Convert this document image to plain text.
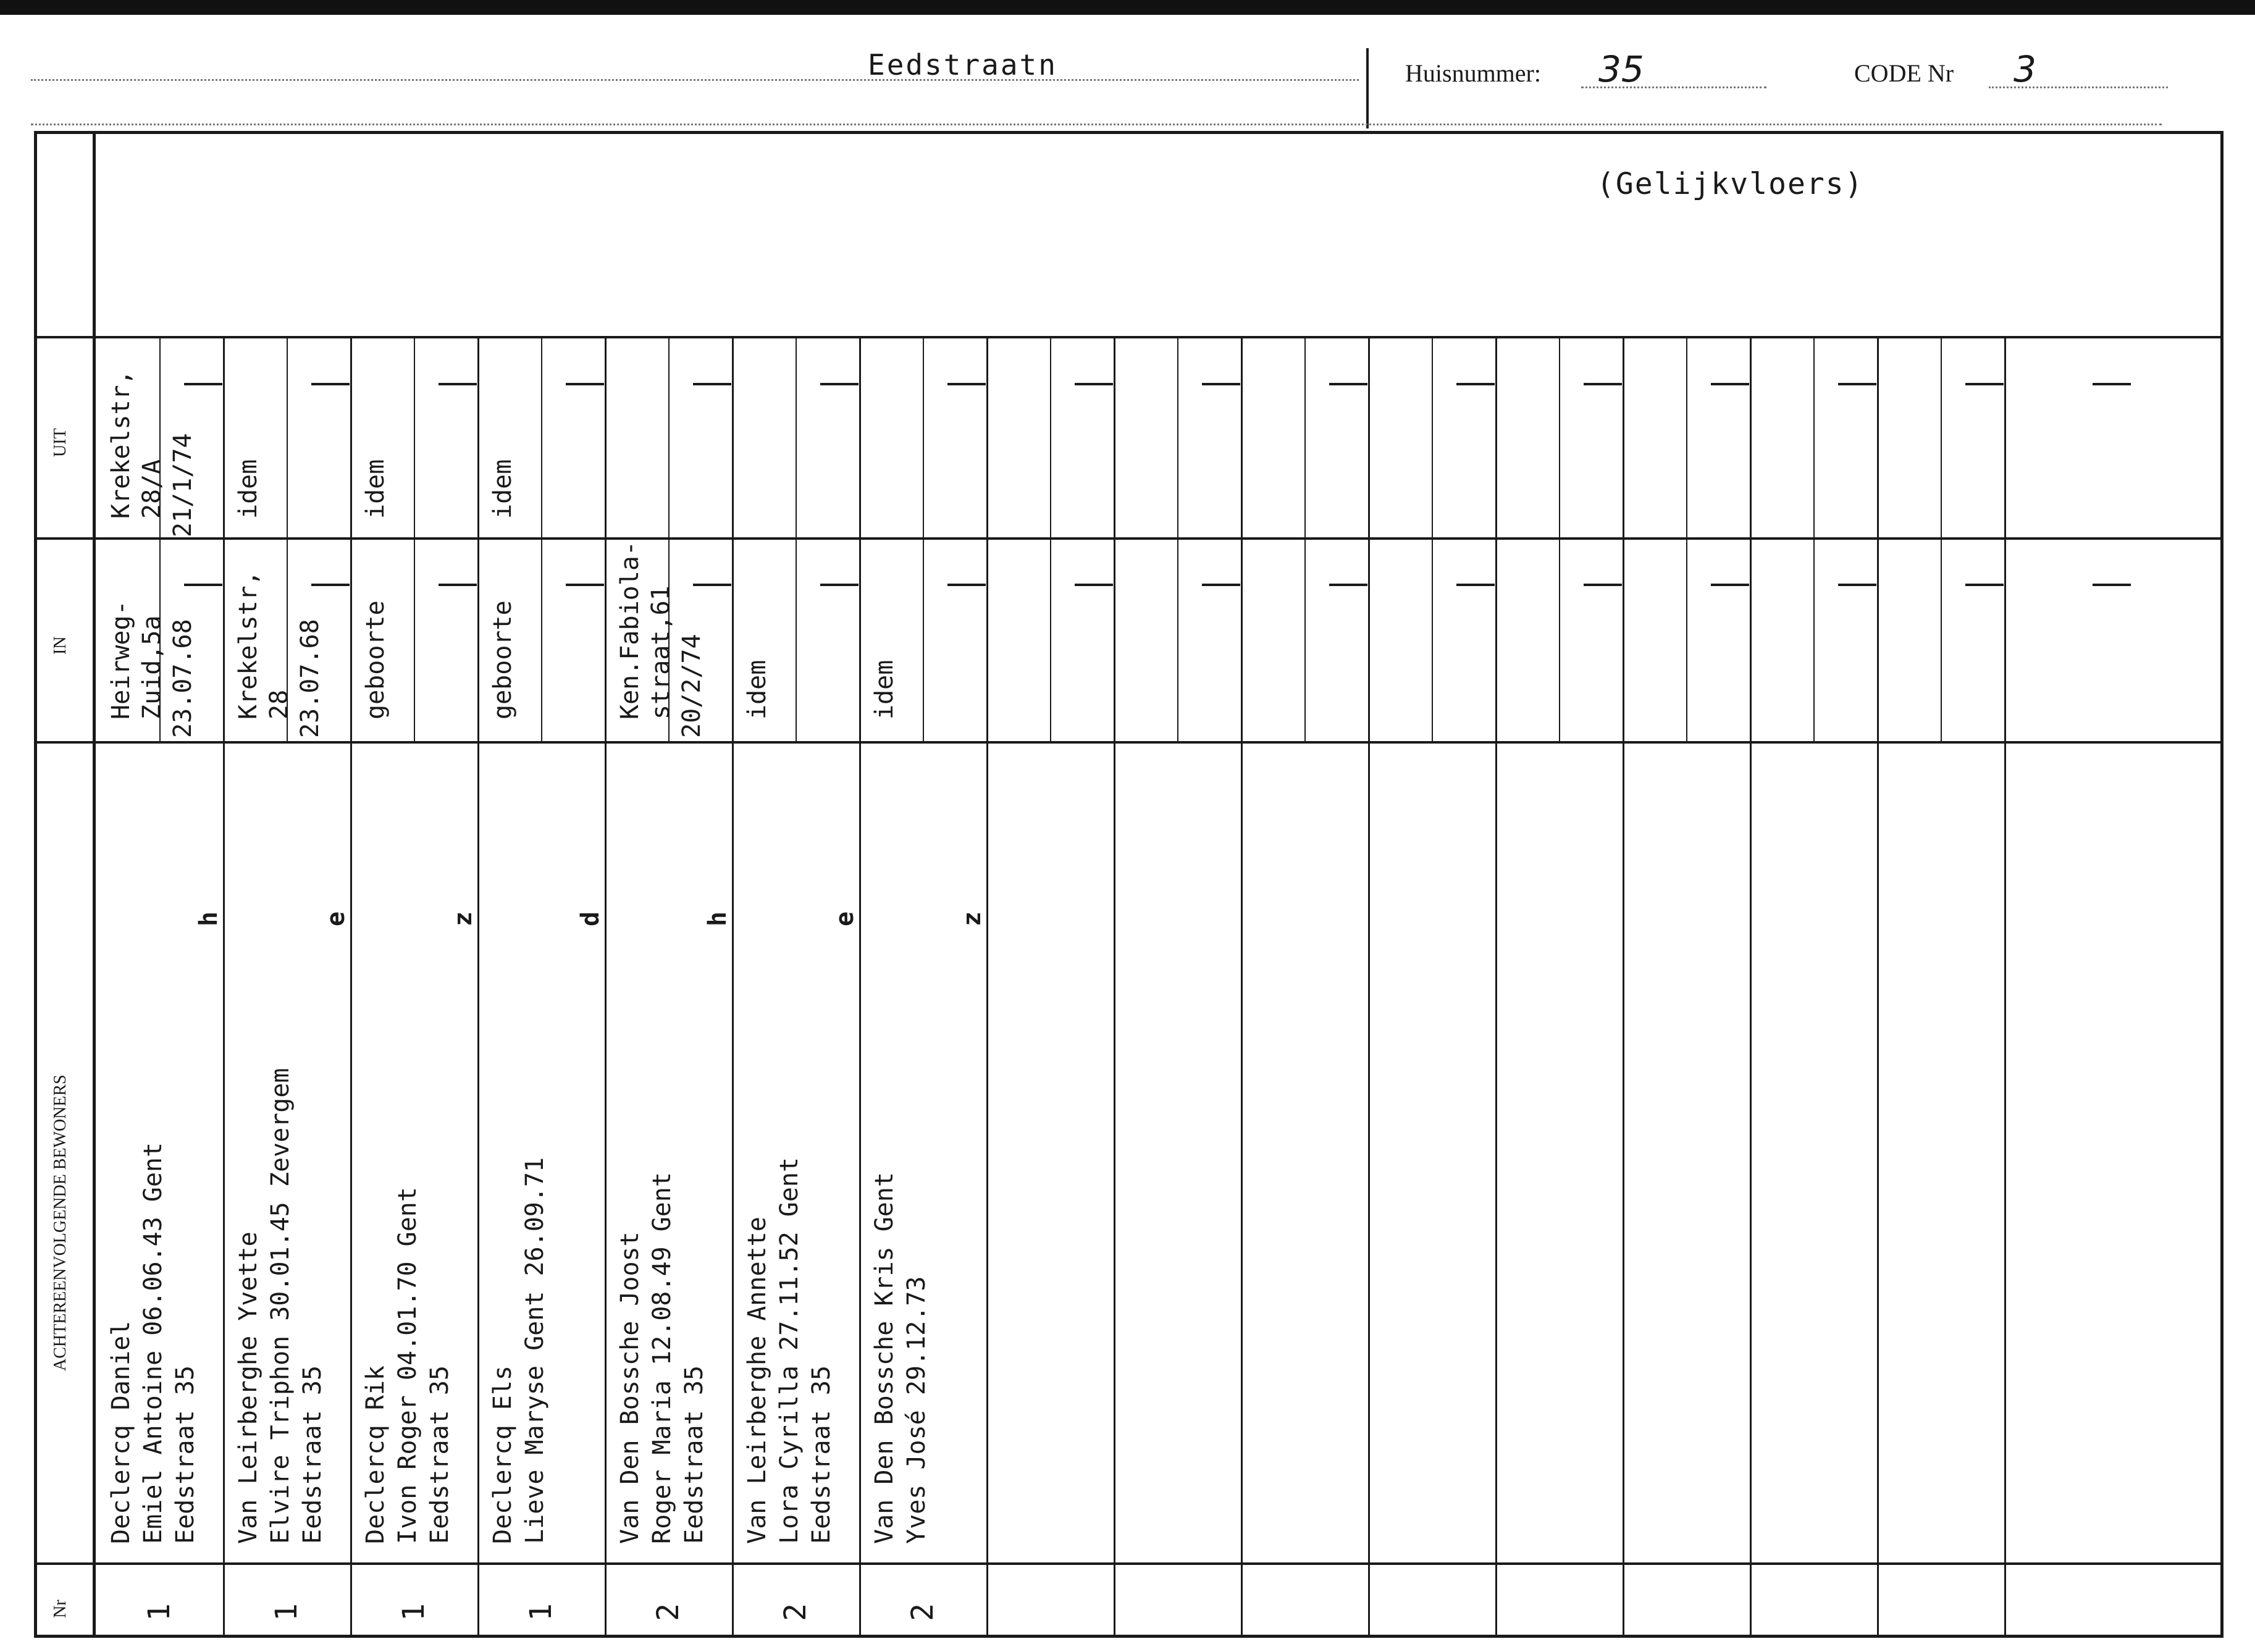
Eedstraatn	Huisnummer: 35	CODE Nr 3
(Gelijkvloers)
UIT
IN
ACHTEREENVOLGENDE BEWONERS
Nr
Krekelstr, 28/A 21/1/74
Heirweg- Zuid,5a 23.07.68
Declercq Daniel Emiel Antoine 06.06.43 Gent Eedstraat 35
h
1
idem
Krekelstr, 28 23.07.68
Van Leirberghe Yvette Elvire Triphon 30.01.45 Zevergem Eedstraat 35
e
1
idem
geboorte
Declercq Rik Ivon Roger 04.01.70 Gent Eedstraat 35
z
1
idem
geboorte
Declercq Els Lieve Maryse Gent 26.09.71
d
1
Ken.Fabiola- straat,61 20/2/74
Van Den Bossche Joost Roger Maria 12.08.49 Gent Eedstraat 35
h
2
idem
Van Leirberghe Annette Lora Cyrilla 27.11.52 Gent Eedstraat 35
e
2
idem
Van Den Bossche Kris Gent Yves José 29.12.73
z
2
